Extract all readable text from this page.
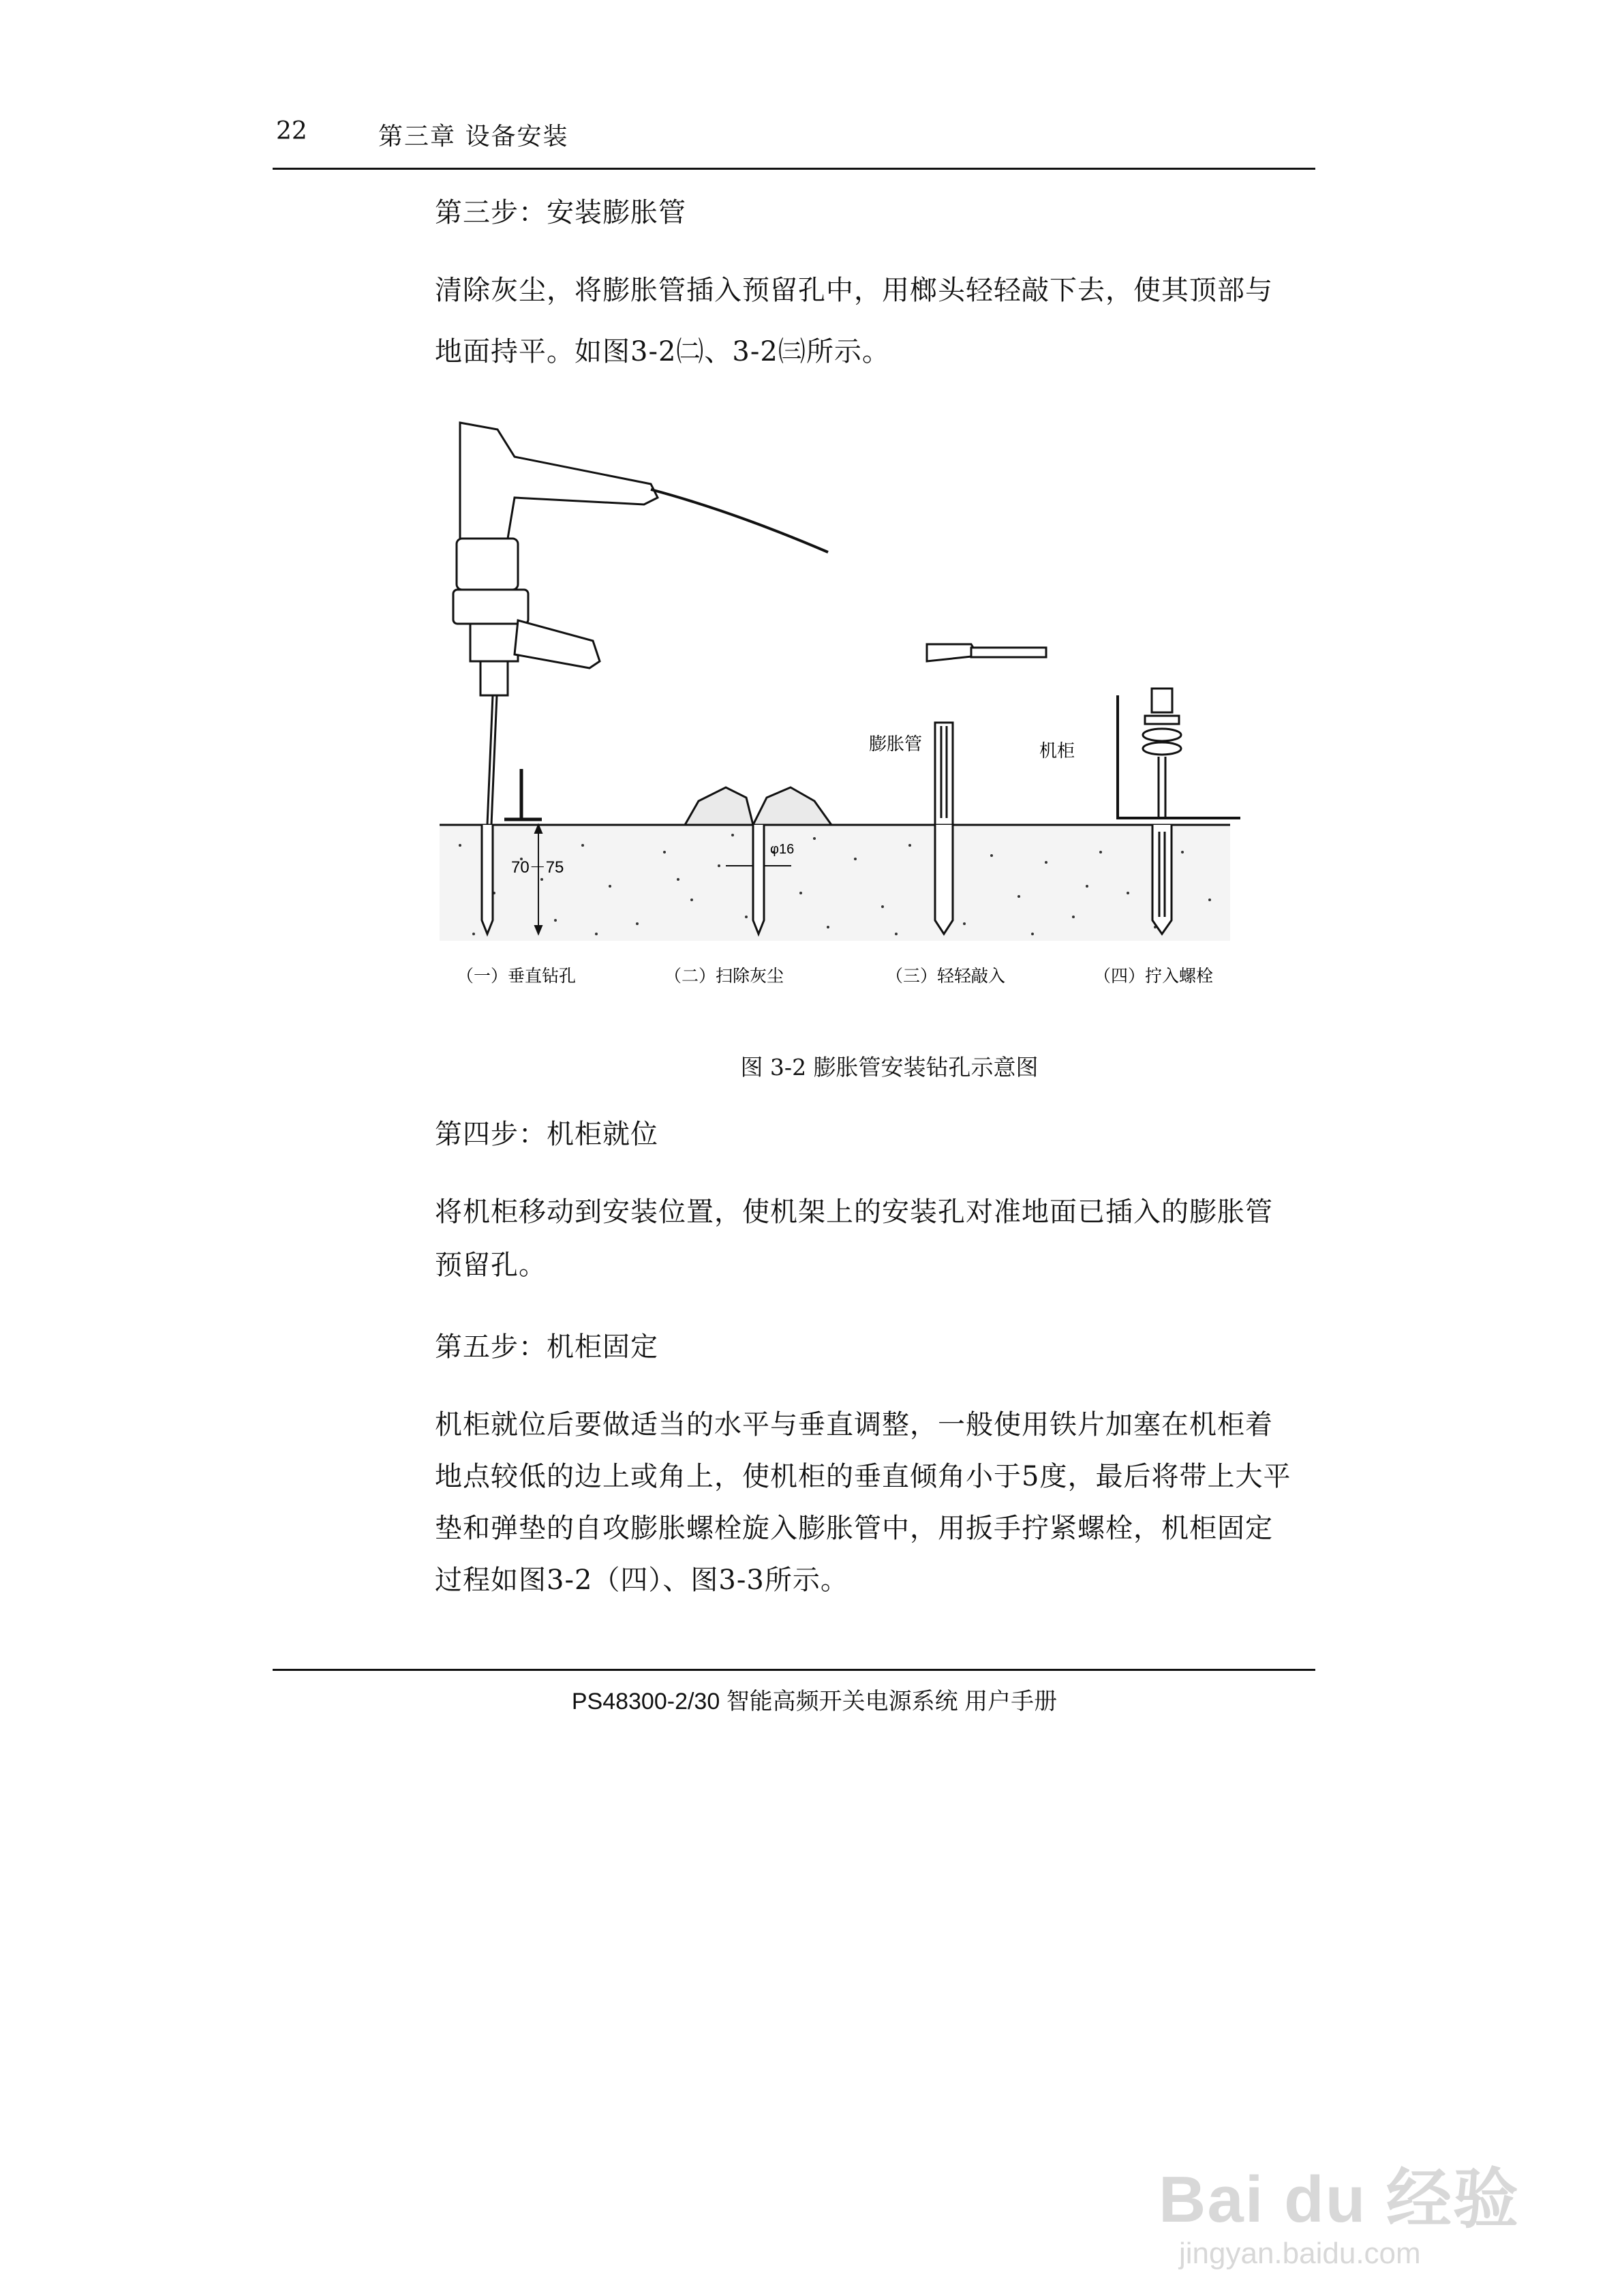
22	第三章 设备安装
第三步：安装膨胀管
清除灰尘，将膨胀管插入预留孔中，用榔头轻轻敲下去，使其顶部与
地面持平。如图3-2㈡、3-2㈢所示。
70－75
φ16
膨胀管	机柜
（一）垂直钻孔	（二）扫除灰尘	（三）轻轻敲入	（四）拧入螺栓
图 3-2 膨胀管安装钻孔示意图
第四步：机柜就位
将机柜移动到安装位置，使机架上的安装孔对准地面已插入的膨胀管
预留孔。
第五步：机柜固定
机柜就位后要做适当的水平与垂直调整，一般使用铁片加塞在机柜着
地点较低的边上或角上，使机柜的垂直倾角小于5度，最后将带上大平
垫和弹垫的自攻膨胀螺栓旋入膨胀管中，用扳手拧紧螺栓，机柜固定
过程如图3-2（四）、图3-3所示。
PS48300-2/30 智能高频开关电源系统 用户手册
Bai du 经验
jingyan.baidu.com
